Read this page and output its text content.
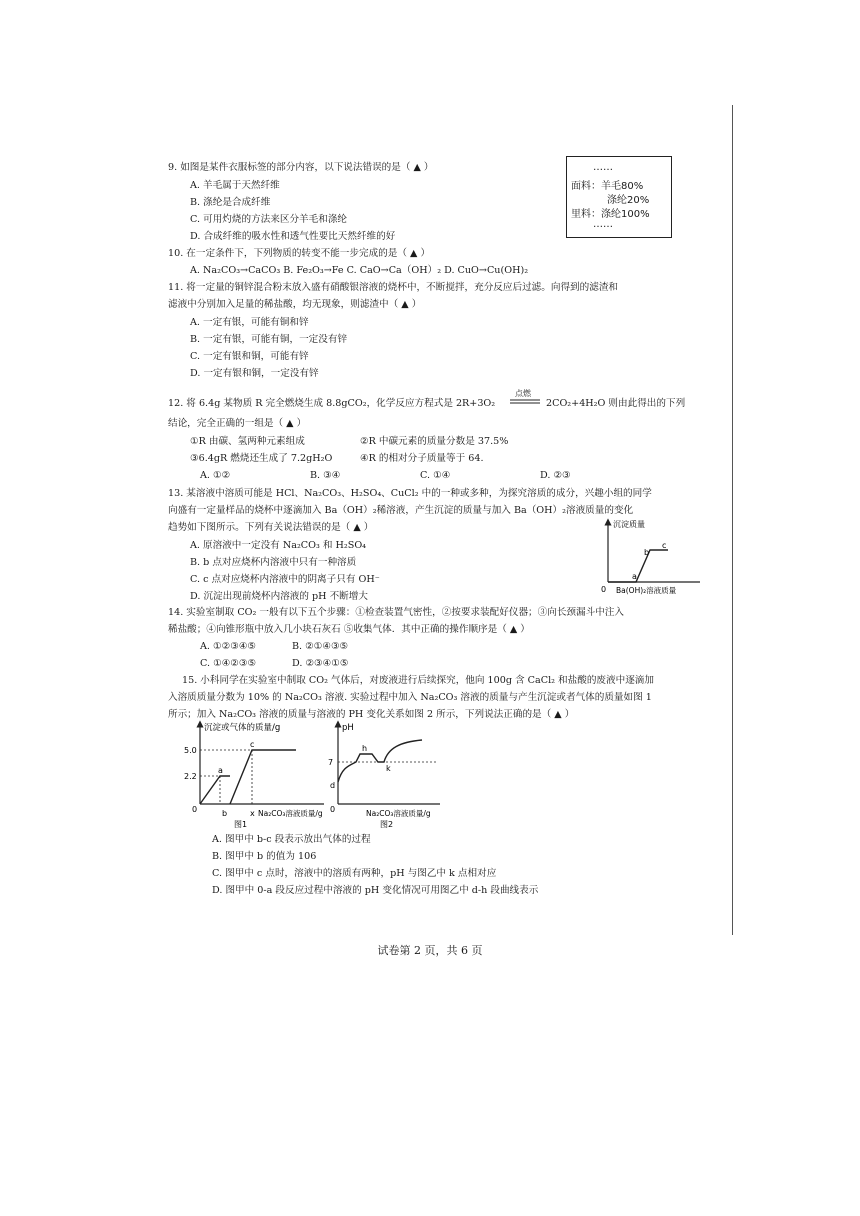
9. 如图是某件衣服标签的部分内容，以下说法错误的是（ ▲ ）
A. 羊毛属于天然纤维
B. 涤纶是合成纤维
C. 可用灼烧的方法来区分羊毛和涤纶
D. 合成纤维的吸水性和透气性要比天然纤维的好
……
面料：羊毛80%
涤纶20%
里料：涤纶100%
……
10. 在一定条件下，下列物质的转变不能一步完成的是（ ▲ ）
A. Na₂CO₃→CaCO₃ B. Fe₂O₃→Fe C. CaO→Ca（OH）₂ D. CuO→Cu(OH)₂
11. 将一定量的铜锌混合粉末放入盛有硝酸银溶液的烧杯中，不断搅拌，充分反应后过滤。向得到的滤渣和
滤液中分别加入足量的稀盐酸，均无现象，则滤渣中（ ▲ ）
A. 一定有银，可能有铜和锌
B. 一定有银，可能有铜，一定没有锌
C. 一定有银和铜，可能有锌
D. 一定有银和铜，一定没有锌
12. 将 6.4g 某物质 R 完全燃烧生成 8.8gCO₂，化学反应方程式是 2R+3O₂
点燃
2CO₂+4H₂O 则由此得出的下列
结论，完全正确的一组是（ ▲ ）
①R 由碳、氢两种元素组成	②R 中碳元素的质量分数是 37.5%
③6.4gR 燃烧还生成了 7.2gH₂O	④R 的相对分子质量等于 64.
A. ①②	B. ③④	C. ①④	D. ②③
13. 某溶液中溶质可能是 HCl、Na₂CO₃、H₂SO₄、CuCl₂ 中的一种或多种，为探究溶质的成分，兴趣小组的同学
向盛有一定量样品的烧杯中逐滴加入 Ba（OH）₂稀溶液，产生沉淀的质量与加入 Ba（OH）₂溶液质量的变化
趋势如下图所示。下列有关说法错误的是（ ▲ ）
A. 原溶液中一定没有 Na₂CO₃ 和 H₂SO₄
B. b 点对应烧杯内溶液中只有一种溶质
C. c 点对应烧杯内溶液中的阴离子只有 OH⁻
D. 沉淀出现前烧杯内溶液的 pH 不断增大
沉淀质量
a
b
c
0 Ba(OH)₂溶液质量
14. 实验室制取 CO₂ 一般有以下五个步骤：①检查装置气密性，②按要求装配好仪器；③向长颈漏斗中注入
稀盐酸；④向锥形瓶中放入几小块石灰石 ⑤收集气体．其中正确的操作顺序是（ ▲ ）
A. ①②③④⑤	B. ②①④③⑤
C. ①④②③⑤	D. ②③④①⑤
15. 小科同学在实验室中制取 CO₂ 气体后，对废液进行后续探究，他向 100g 含 CaCl₂ 和盐酸的废液中逐滴加
入溶质质量分数为 10% 的 Na₂CO₃ 溶液. 实验过程中加入 Na₂CO₃ 溶液的质量与产生沉淀或者气体的质量如图 1
所示；加入 Na₂CO₃ 溶液的质量与溶液的 PH 变化关系如图 2 所示，下列说法正确的是（ ▲ ）
沉淀或气体的质量/g
5.0
2.2
0
a
b
c
x Na₂CO₃溶液质量/g
图1
pH
7
d
h
k
0	Na₂CO₃溶液质量/g
图2
A. 图甲中 b-c 段表示放出气体的过程
B. 图甲中 b 的值为 106
C. 图甲中 c 点时，溶液中的溶质有两种，pH 与图乙中 k 点相对应
D. 图甲中 0-a 段反应过程中溶液的 pH 变化情况可用图乙中 d-h 段曲线表示
试卷第 2 页，共 6 页
